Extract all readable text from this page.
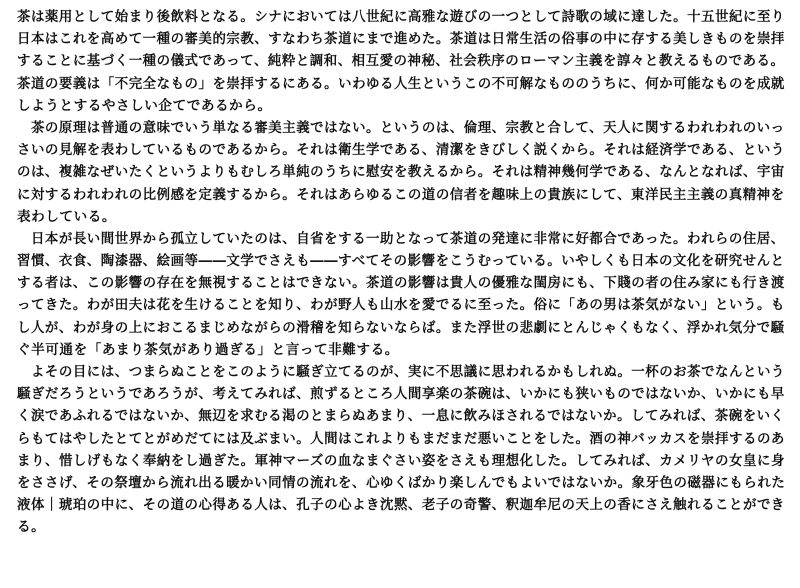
茶は薬用として始まり後飲料となる。シナにおいては八世紀に高雅な遊びの一つとして詩歌の域に達した。十五世紀に至り
日本はこれを高めて一種の審美的宗教、すなわち茶道にまで進めた。茶道は日常生活の俗事の中に存する美しきものを崇拝
することに基づく一種の儀式であって、純粋と調和、相互愛の神秘、社会秩序のローマン主義を諄々と教えるものである。
茶道の要義は「不完全なもの」を崇拝するにある。いわゆる人生というこの不可解なもののうちに、何か可能なものを成就
しようとするやさしい企てであるから。
　茶の原理は普通の意味でいう単なる審美主義ではない。というのは、倫理、宗教と合して、天人に関するわれわれのいっ
さいの見解を表わしているものであるから。それは衛生学である、清潔をきびしく説くから。それは経済学である、という
のは、複雑なぜいたくというよりもむしろ単純のうちに慰安を教えるから。それは精神幾何学である、なんとなれば、宇宙
に対するわれわれの比例感を定義するから。それはあらゆるこの道の信者を趣味上の貴族にして、東洋民主主義の真精神を
表わしている。
　日本が長い間世界から孤立していたのは、自省をする一助となって茶道の発達に非常に好都合であった。われらの住居、
習慣、衣食、陶漆器、絵画等――文学でさえも――すべてその影響をこうむっている。いやしくも日本の文化を研究せんと
する者は、この影響の存在を無視することはできない。茶道の影響は貴人の優雅な閨房にも、下賤の者の住み家にも行き渡
ってきた。わが田夫は花を生けることを知り、わが野人も山水を愛でるに至った。俗に「あの男は茶気がない」という。も
し人が、わが身の上におこるまじめながらの滑稽を知らないならば。また浮世の悲劇にとんじゃくもなく、浮かれ気分で騒
ぐ半可通を「あまり茶気があり過ぎる」と言って非難する。
　よその目には、つまらぬことをこのように騒ぎ立てるのが、実に不思議に思われるかもしれぬ。一杯のお茶でなんという
騒ぎだろうというであろうが、考えてみれば、煎ずるところ人間享楽の茶碗は、いかにも狭いものではないか、いかにも早
く涙であふれるではないか、無辺を求むる渇のとまらぬあまり、一息に飲みほされるではないか。してみれば、茶碗をいく
らもてはやしたとてとがめだてには及ぶまい。人間はこれよりもまだまだ悪いことをした。酒の神バッカスを崇拝するのあ
まり、惜しげもなく奉納をし過ぎた。軍神マーズの血なまぐさい姿をさえも理想化した。してみれば、カメリヤの女皇に身
をささげ、その祭壇から流れ出る暖かい同情の流れを、心ゆくばかり楽しんでもよいではないか。象牙色の磁器にもられた
液体｜琥珀の中に、その道の心得ある人は、孔子の心よき沈黙、老子の奇警、釈迦牟尼の天上の香にさえ触れることができ
る。
